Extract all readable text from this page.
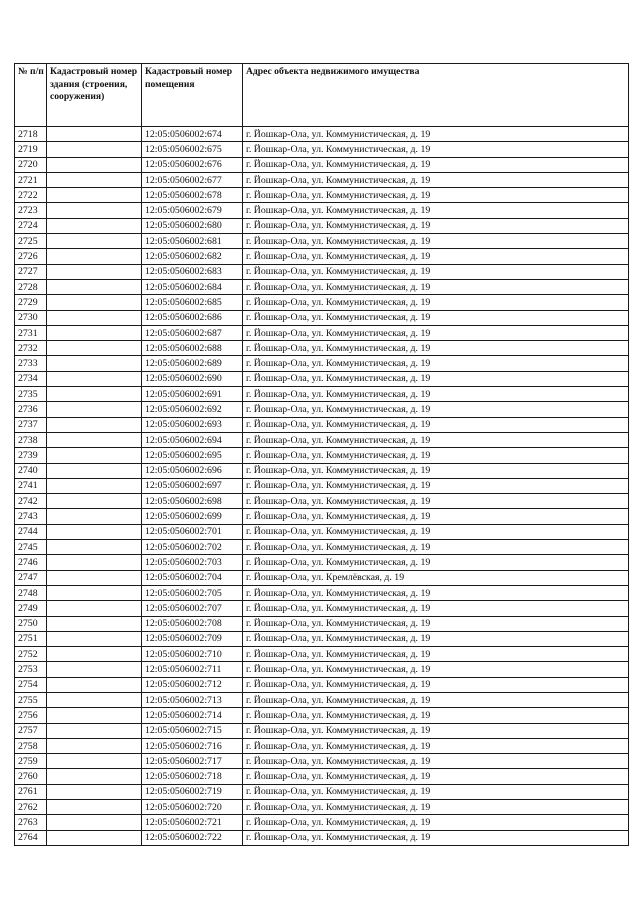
№ п/п	Кадастровый номер здания (строения, сооружения)	Кадастровый номер помещения	Адрес объекта недвижимого имущества
2718		12:05:0506002:674	г. Йошкар-Ола, ул. Коммунистическая, д. 19
2719		12:05:0506002:675	г. Йошкар-Ола, ул. Коммунистическая, д. 19
2720		12:05:0506002:676	г. Йошкар-Ола, ул. Коммунистическая, д. 19
2721		12:05:0506002:677	г. Йошкар-Ола, ул. Коммунистическая, д. 19
2722		12:05:0506002:678	г. Йошкар-Ола, ул. Коммунистическая, д. 19
2723		12:05:0506002:679	г. Йошкар-Ола, ул. Коммунистическая, д. 19
2724		12:05:0506002:680	г. Йошкар-Ола, ул. Коммунистическая, д. 19
2725		12:05:0506002:681	г. Йошкар-Ола, ул. Коммунистическая, д. 19
2726		12:05:0506002:682	г. Йошкар-Ола, ул. Коммунистическая, д. 19
2727		12:05:0506002:683	г. Йошкар-Ола, ул. Коммунистическая, д. 19
2728		12:05:0506002:684	г. Йошкар-Ола, ул. Коммунистическая, д. 19
2729		12:05:0506002:685	г. Йошкар-Ола, ул. Коммунистическая, д. 19
2730		12:05:0506002:686	г. Йошкар-Ола, ул. Коммунистическая, д. 19
2731		12:05:0506002:687	г. Йошкар-Ола, ул. Коммунистическая, д. 19
2732		12:05:0506002:688	г. Йошкар-Ола, ул. Коммунистическая, д. 19
2733		12:05:0506002:689	г. Йошкар-Ола, ул. Коммунистическая, д. 19
2734		12:05:0506002:690	г. Йошкар-Ола, ул. Коммунистическая, д. 19
2735		12:05:0506002:691	г. Йошкар-Ола, ул. Коммунистическая, д. 19
2736		12:05:0506002:692	г. Йошкар-Ола, ул. Коммунистическая, д. 19
2737		12:05:0506002:693	г. Йошкар-Ола, ул. Коммунистическая, д. 19
2738		12:05:0506002:694	г. Йошкар-Ола, ул. Коммунистическая, д. 19
2739		12:05:0506002:695	г. Йошкар-Ола, ул. Коммунистическая, д. 19
2740		12:05:0506002:696	г. Йошкар-Ола, ул. Коммунистическая, д. 19
2741		12:05:0506002:697	г. Йошкар-Ола, ул. Коммунистическая, д. 19
2742		12:05:0506002:698	г. Йошкар-Ола, ул. Коммунистическая, д. 19
2743		12:05:0506002:699	г. Йошкар-Ола, ул. Коммунистическая, д. 19
2744		12:05:0506002:701	г. Йошкар-Ола, ул. Коммунистическая, д. 19
2745		12:05:0506002:702	г. Йошкар-Ола, ул. Коммунистическая, д. 19
2746		12:05:0506002:703	г. Йошкар-Ола, ул. Коммунистическая, д. 19
2747		12:05:0506002:704	г. Йошкар-Ола, ул. Кремлёвская, д. 19
2748		12:05:0506002:705	г. Йошкар-Ола, ул. Коммунистическая, д. 19
2749		12:05:0506002:707	г. Йошкар-Ола, ул. Коммунистическая, д. 19
2750		12:05:0506002:708	г. Йошкар-Ола, ул. Коммунистическая, д. 19
2751		12:05:0506002:709	г. Йошкар-Ола, ул. Коммунистическая, д. 19
2752		12:05:0506002:710	г. Йошкар-Ола, ул. Коммунистическая, д. 19
2753		12:05:0506002:711	г. Йошкар-Ола, ул. Коммунистическая, д. 19
2754		12:05:0506002:712	г. Йошкар-Ола, ул. Коммунистическая, д. 19
2755		12:05:0506002:713	г. Йошкар-Ола, ул. Коммунистическая, д. 19
2756		12:05:0506002:714	г. Йошкар-Ола, ул. Коммунистическая, д. 19
2757		12:05:0506002:715	г. Йошкар-Ола, ул. Коммунистическая, д. 19
2758		12:05:0506002:716	г. Йошкар-Ола, ул. Коммунистическая, д. 19
2759		12:05:0506002:717	г. Йошкар-Ола, ул. Коммунистическая, д. 19
2760		12:05:0506002:718	г. Йошкар-Ола, ул. Коммунистическая, д. 19
2761		12:05:0506002:719	г. Йошкар-Ола, ул. Коммунистическая, д. 19
2762		12:05:0506002:720	г. Йошкар-Ола, ул. Коммунистическая, д. 19
2763		12:05:0506002:721	г. Йошкар-Ола, ул. Коммунистическая, д. 19
2764		12:05:0506002:722	г. Йошкар-Ола, ул. Коммунистическая, д. 19
